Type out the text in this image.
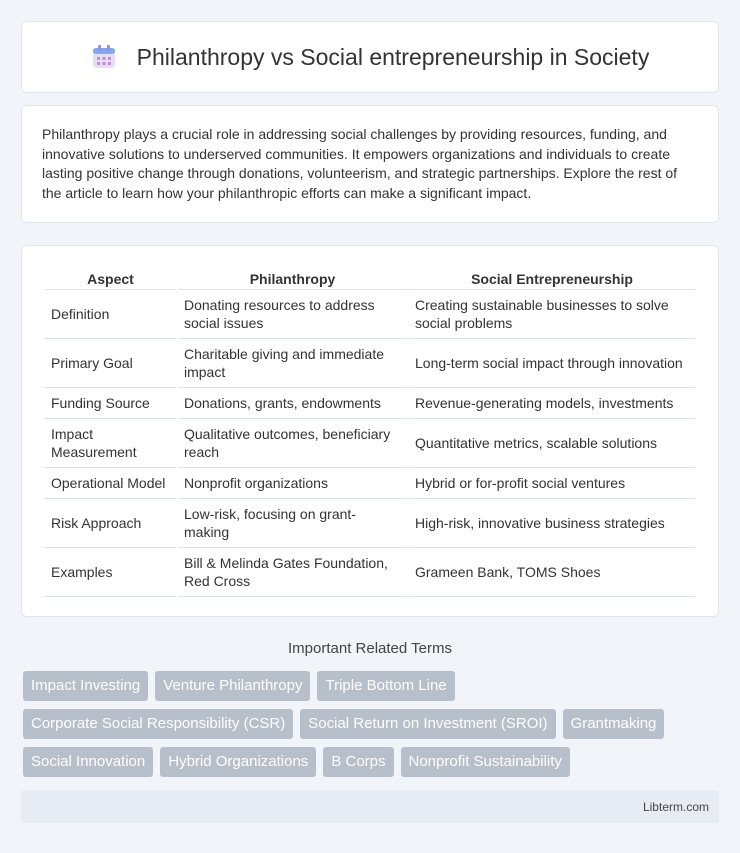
Philanthropy vs Social entrepreneurship in Society

Philanthropy plays a crucial role in addressing social challenges by providing resources, funding, and innovative solutions to underserved communities. It empowers organizations and individuals to create lasting positive change through donations, volunteerism, and strategic partnerships. Explore the rest of the article to learn how your philanthropic efforts can make a significant impact.

Aspect	Philanthropy	Social Entrepreneurship
Definition	Donating resources to address social issues	Creating sustainable businesses to solve social problems
Primary Goal	Charitable giving and immediate impact	Long-term social impact through innovation
Funding Source	Donations, grants, endowments	Revenue-generating models, investments
Impact Measurement	Qualitative outcomes, beneficiary reach	Quantitative metrics, scalable solutions
Operational Model	Nonprofit organizations	Hybrid or for-profit social ventures
Risk Approach	Low-risk, focusing on grant-making	High-risk, innovative business strategies
Examples	Bill & Melinda Gates Foundation, Red Cross	Grameen Bank, TOMS Shoes
Important Related Terms
Impact Investing	Venture Philanthropy	Triple Bottom Line
Corporate Social Responsibility (CSR)	Social Return on Investment (SROI)	Grantmaking
Social Innovation	Hybrid Organizations	B Corps	Nonprofit Sustainability
Libterm.com
